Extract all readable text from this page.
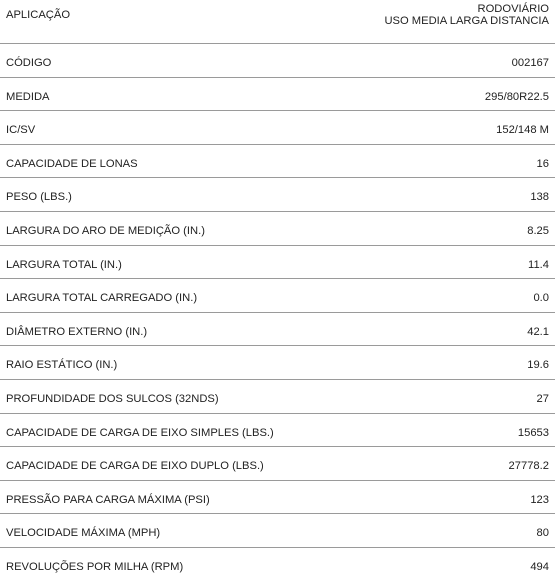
APLICAÇÃO	RODOVIÁRIO
USO MEDIA LARGA DISTANCIA
CÓDIGO	002167
MEDIDA	295/80R22.5
IC/SV	152/148 M
CAPACIDADE DE LONAS	16
PESO (LBS.)	138
LARGURA DO ARO DE MEDIÇÃO (IN.)	8.25
LARGURA TOTAL (IN.)	11.4
LARGURA TOTAL CARREGADO (IN.)	0.0
DIÂMETRO EXTERNO (IN.)	42.1
RAIO ESTÁTICO (IN.)	19.6
PROFUNDIDADE DOS SULCOS (32NDS)	27
CAPACIDADE DE CARGA DE EIXO SIMPLES (LBS.)	15653
CAPACIDADE DE CARGA DE EIXO DUPLO (LBS.)	27778.2
PRESSÃO PARA CARGA MÁXIMA (PSI)	123
VELOCIDADE MÁXIMA (MPH)	80
REVOLUÇÕES POR MILHA (RPM)	494
